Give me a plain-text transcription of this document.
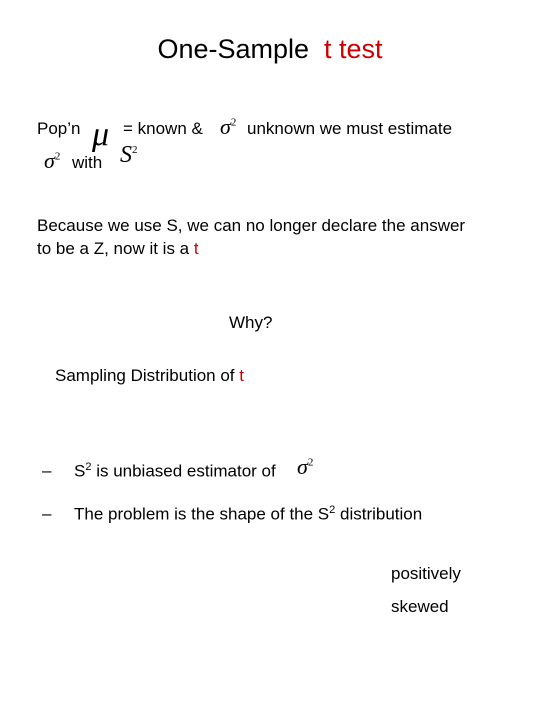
One-Sample t test
Pop’n μ = known & $\sigma^2$ unknown we must estimate
$\sigma^2$ with $S^2$
Because we use S, we can no longer declare the answer
to be a Z, now it is a t
Why?
Sampling Distribution of t
– $S^2$ is unbiased estimator of $\sigma^2$
– The problem is the shape of the $S^2$ distribution
positively
skewed
